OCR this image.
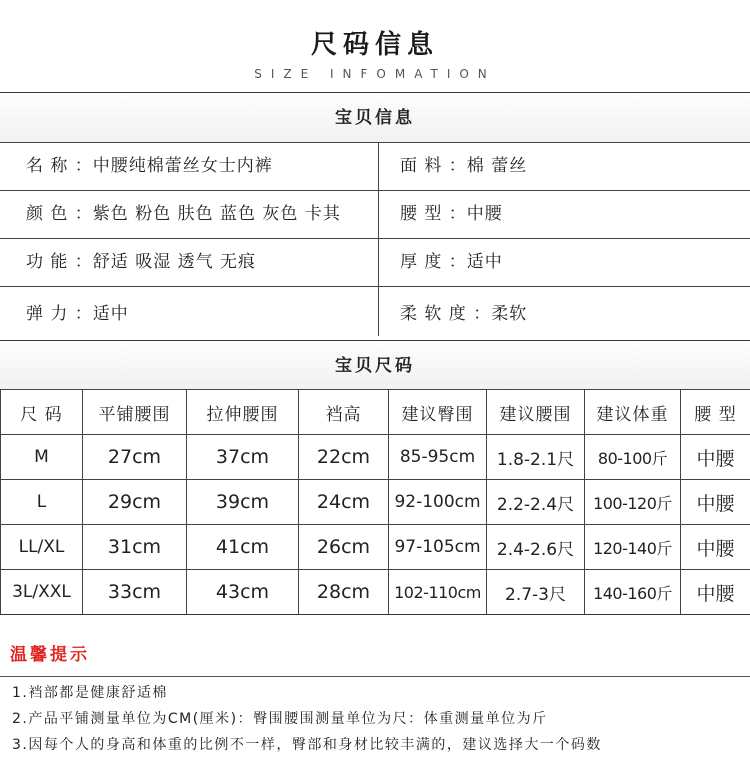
尺码信息
SIZE INFOMATION
宝贝信息
名 称 ：中腰纯棉蕾丝女士内裤	面 料 ：棉 蕾丝
颜 色 ：紫色 粉色 肤色 蓝色 灰色 卡其	腰 型 ：中腰
功 能 ：舒适 吸湿 透气 无痕	厚 度 ：适中
弹 力 ：适中	柔 软 度 ：柔软
宝贝尺码
尺 码	平铺腰围	拉伸腰围	裆高	建议臀围	建议腰围	建议体重	腰 型
M	27cm	37cm	22cm	85-95cm	1.8-2.1尺	80-100斤	中腰
L	29cm	39cm	24cm	92-100cm	2.2-2.4尺	100-120斤	中腰
LL/XL	31cm	41cm	26cm	97-105cm	2.4-2.6尺	120-140斤	中腰
3L/XXL	33cm	43cm	28cm	102-110cm	2.7-3尺	140-160斤	中腰
温馨提示
1.裆部都是健康舒适棉
2.产品平铺测量单位为CM(厘米)：臀围腰围测量单位为尺：体重测量单位为斤
3.因每个人的身高和体重的比例不一样，臀部和身材比较丰满的，建议选择大一个码数
